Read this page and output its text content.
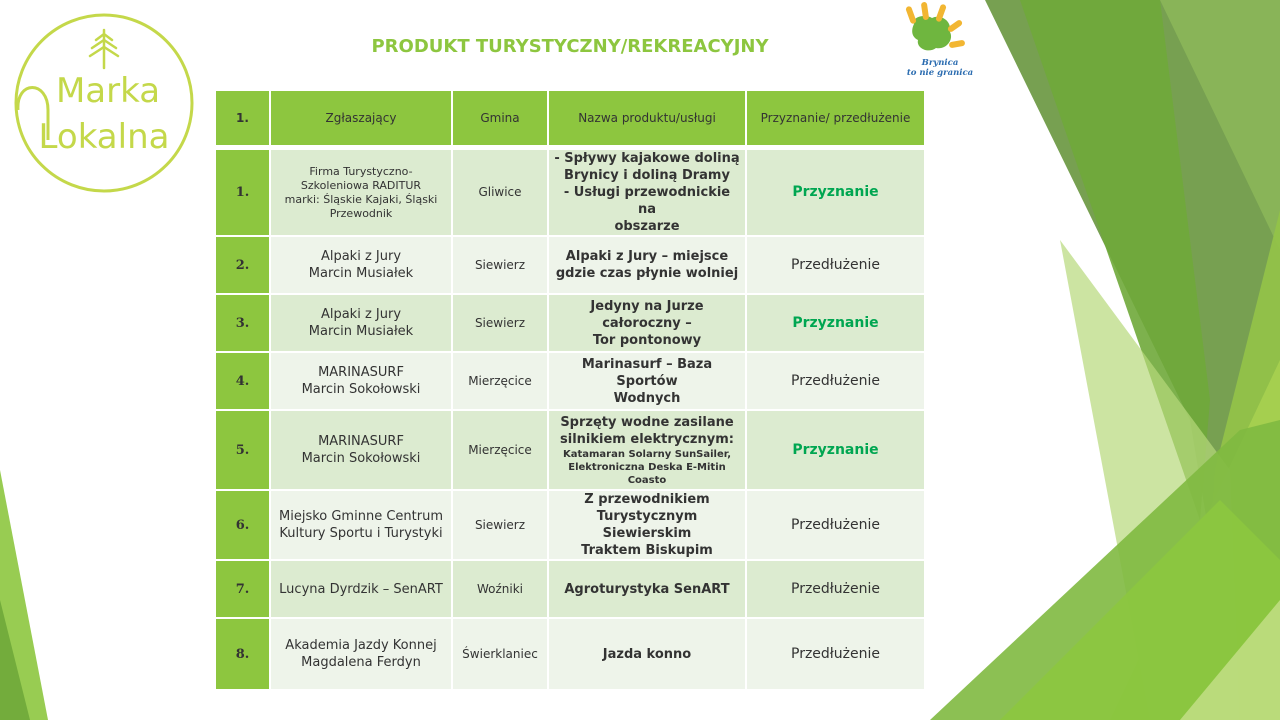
Marka
Lokalna
PRODUKT TURYSTYCZNY/REKREACYJNY
Brynica
to nie granica
1.	Zgłaszający	Gmina	Nazwa produktu/usługi	Przyznanie/ przedłużenie
1.	Firma Turystyczno-
Szkoleniowa RADITUR
marki: Śląskie Kajaki, Śląski
Przewodnik	Gliwice	- Spływy kajakowe doliną
Brynicy i doliną Dramy
- Usługi przewodnickie na
obszarze	Przyznanie
2.	Alpaki z Jury
Marcin Musiałek	Siewierz	Alpaki z Jury – miejsce
gdzie czas płynie wolniej	Przedłużenie
3.	Alpaki z Jury
Marcin Musiałek	Siewierz	Jedyny na Jurze
całoroczny –
Tor pontonowy	Przyznanie
4.	MARINASURF
Marcin Sokołowski	Mierzęcice	Marinasurf – Baza Sportów
Wodnych	Przedłużenie
5.	MARINASURF
Marcin Sokołowski	Mierzęcice	Sprzęty wodne zasilane
silnikiem elektrycznym:
Katamaran Solarny SunSailer,
Elektroniczna Deska E-Mitin
Coasto	Przyznanie
6.	Miejsko Gminne Centrum
Kultury Sportu i Turystyki	Siewierz	Z przewodnikiem
Turystycznym Siewierskim
Traktem Biskupim	Przedłużenie
7.	Lucyna Dyrdzik – SenART	Woźniki	Agroturystyka SenART	Przedłużenie
8.	Akademia Jazdy Konnej
Magdalena Ferdyn	Świerklaniec	Jazda konno	Przedłużenie
